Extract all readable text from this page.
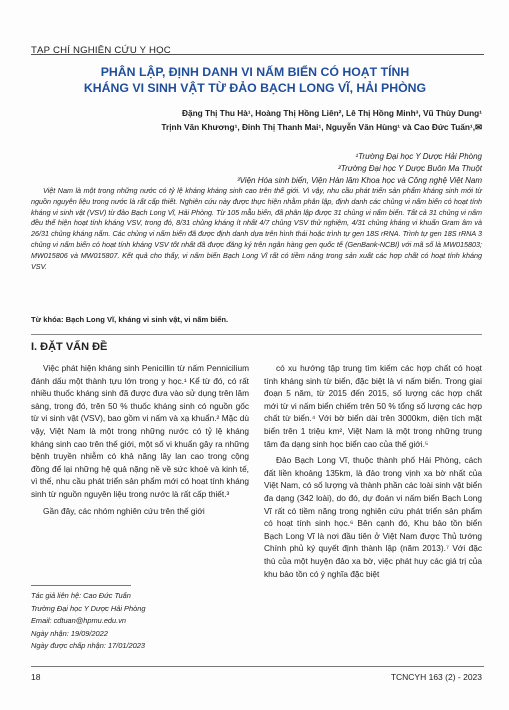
TẠP CHÍ NGHIÊN CỨU Y HỌC
PHÂN LẬP, ĐỊNH DANH VI NẤM BIỂN CÓ HOẠT TÍNH
KHÁNG VI SINH VẬT TỪ ĐẢO BẠCH LONG VĨ, HẢI PHÒNG
Đặng Thị Thu Hà¹, Hoàng Thị Hồng Liên², Lê Thị Hồng Minh³, Vũ Thùy Dung¹
Trịnh Văn Khương¹, Đinh Thị Thanh Mai¹, Nguyễn Văn Hùng¹ và Cao Đức Tuấn¹,✉
¹Trường Đại học Y Dược Hải Phòng
²Trường Đại học Y Dược Buôn Ma Thuột
³Viện Hóa sinh biển, Viện Hàn lâm Khoa học và Công nghệ Việt Nam
Việt Nam là một trong những nước có tỷ lệ kháng kháng sinh cao trên thế giới. Vì vậy, nhu cầu phát triển sản phẩm kháng sinh mới từ nguồn nguyên liệu trong nước là rất cấp thiết. Nghiên cứu này được thực hiện nhằm phân lập, định danh các chủng vi nấm biển có hoạt tính kháng vi sinh vật (VSV) từ đảo Bạch Long Vĩ, Hải Phòng. Từ 105 mẫu biển, đã phân lập được 31 chủng vi nấm biển. Tất cả 31 chủng vi nấm đều thể hiện hoạt tính kháng VSV, trong đó, 8/31 chủng kháng ít nhất 4/7 chủng VSV thử nghiệm, 4/31 chủng kháng vi khuẩn Gram âm và 26/31 chủng kháng nấm. Các chủng vi nấm biển đã được định danh dựa trên hình thái hoặc trình tự gen 18S rRNA. Trình tự gen 18S rRNA 3 chủng vi nấm biển có hoạt tính kháng VSV tốt nhất đã được đăng ký trên ngân hàng gen quốc tế (GenBank-NCBI) với mã số là MW015803; MW015806 và MW015807. Kết quả cho thấy, vi nấm biển Bạch Long Vĩ rất có tiềm năng trong sản xuất các hợp chất có hoạt tính kháng VSV.
Từ khóa: Bạch Long Vĩ, kháng vi sinh vật, vi nấm biển.
I. ĐẶT VẤN ĐỀ

Việc phát hiện kháng sinh Penicillin từ nấm Pennicilium đánh dấu một thành tựu lớn trong y học.¹ Kể từ đó, có rất nhiều thuốc kháng sinh đã được đưa vào sử dụng trên lâm sàng, trong đó, trên 50 % thuốc kháng sinh có nguồn gốc từ vi sinh vật (VSV), bao gồm vi nấm và xạ khuẩn.² Mặc dù vậy, Việt Nam là một trong những nước có tỷ lệ kháng kháng sinh cao trên thế giới, một số vi khuẩn gây ra những bệnh truyền nhiễm có khả năng lây lan cao trong cộng đồng để lại những hệ quả nặng nề về sức khoẻ và kinh tế, vì thế, nhu cầu phát triển sản phẩm mới có hoạt tính kháng sinh từ nguồn nguyên liệu trong nước là rất cấp thiết.³

Gần đây, các nhóm nghiên cứu trên thế giới

có xu hướng tập trung tìm kiếm các hợp chất có hoạt tính kháng sinh từ biển, đặc biệt là vi nấm biển. Trong giai đoạn 5 năm, từ 2015 đến 2015, số lượng các hợp chất mới từ vi nấm biển chiếm trên 50 % tổng số lượng các hợp chất từ biển.⁴ Với bờ biển dài trên 3000km, diện tích mặt biển trên 1 triệu km², Việt Nam là một trong những trung tâm đa dạng sinh học biển cao của thế giới.⁵

Đảo Bạch Long Vĩ, thuộc thành phố Hải Phòng, cách đất liền khoảng 135km, là đảo trong vịnh xa bờ nhất của Việt Nam, có số lượng và thành phần các loài sinh vật biển đa dạng (342 loài), do đó, dự đoán vi nấm biển Bạch Long Vĩ rất có tiềm năng trong nghiên cứu phát triển sản phẩm có hoạt tính sinh học.⁶ Bên cạnh đó, Khu bảo tồn biển Bạch Long Vĩ là nơi đầu tiên ở Việt Nam được Thủ tướng Chính phủ ký quyết định thành lập (năm 2013).⁷ Với đặc thù của một huyện đảo xa bờ, việc phát huy các giá trị của khu bảo tồn có ý nghĩa đặc biệt

Tác giả liên hệ: Cao Đức Tuấn
Trường Đại học Y Dược Hải Phòng
Email: cdtuan@hpmu.edu.vn
Ngày nhận: 19/09/2022
Ngày được chấp nhận: 17/01/2023
18	TCNCYH 163 (2) - 2023
